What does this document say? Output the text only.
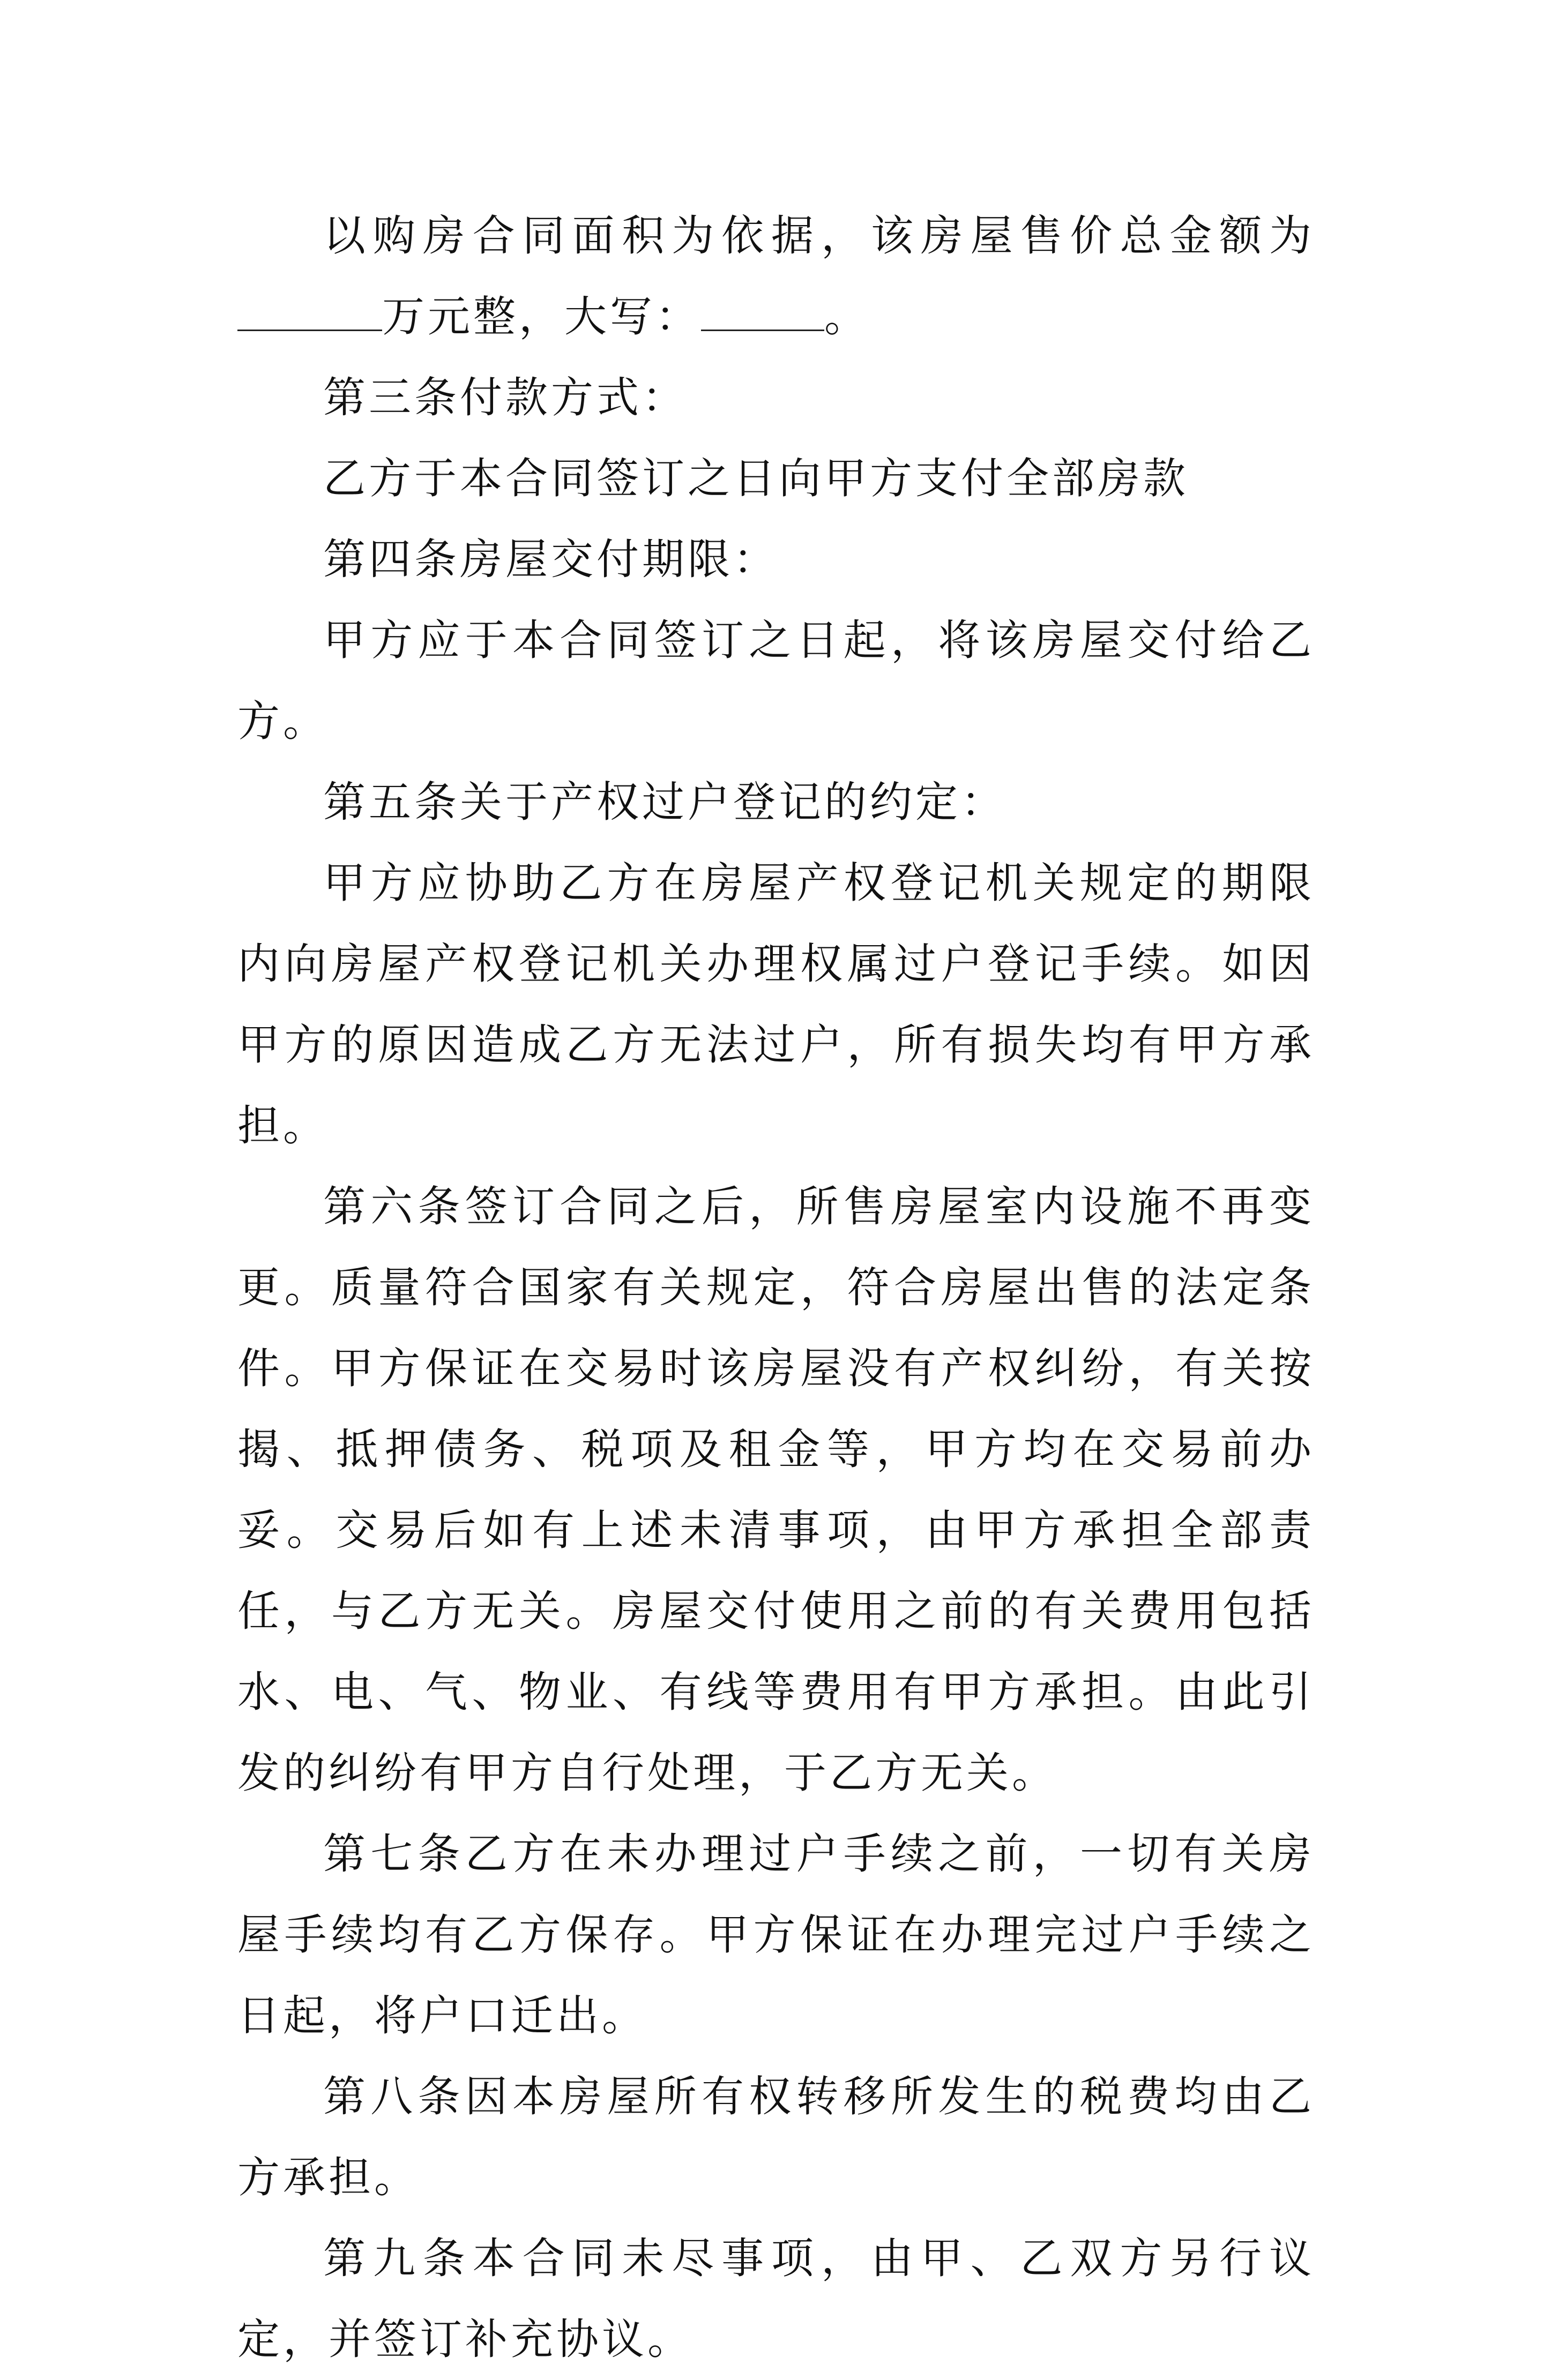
以购房合同面积为依据，该房屋售价总金额为万元整，大写：	。

第三条付款方式：

乙方于本合同签订之日向甲方支付全部房款

第四条房屋交付期限：

甲方应于本合同签订之日起，将该房屋交付给乙方。

第五条关于产权过户登记的约定：

甲方应协助乙方在房屋产权登记机关规定的期限内向房屋产权登记机关办理权属过户登记手续。如因甲方的原因造成乙方无法过户，所有损失均有甲方承担。

第六条签订合同之后，所售房屋室内设施不再变更。质量符合国家有关规定，符合房屋出售的法定条件。甲方保证在交易时该房屋没有产权纠纷，有关按揭、抵押债务、税项及租金等，甲方均在交易前办妥。交易后如有上述未清事项，由甲方承担全部责任，与乙方无关。房屋交付使用之前的有关费用包括水、电、气、物业、有线等费用有甲方承担。由此引发的纠纷有甲方自行处理，于乙方无关。

第七条乙方在未办理过户手续之前，一切有关房屋手续均有乙方保存。甲方保证在办理完过户手续之日起，将户口迁出。

第八条因本房屋所有权转移所发生的税费均由乙方承担。

第九条本合同未尽事项，由甲、乙双方另行议定，并签订补充协议。
